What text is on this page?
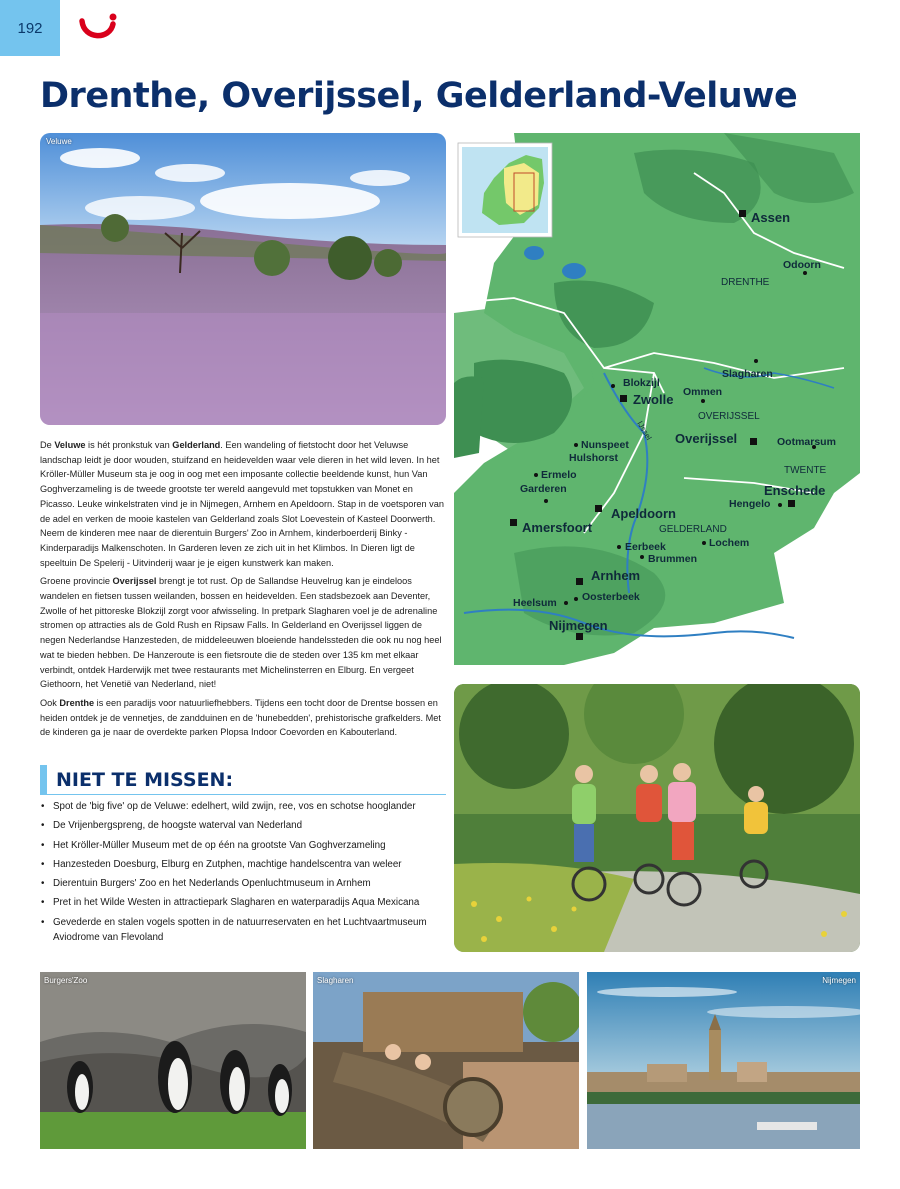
192
Drenthe, Overijssel, Gelderland-Veluwe
Veluwe
Assen
Odoorn
DRENTHE
Slagharen
Blokzijl
Ommen
Zwolle
OVERIJSSEL
IJssel
Nunspeet
Hulshorst
Overijssel	Ootmarsum
TWENTE
Ermelo
Garderen	Enschede
Hengelo
Amersfoort
Apeldoorn
GELDERLAND
Lochem
Eerbeek
Brummen
Arnhem
Heelsum Oosterbeek
Nijmegen

De Veluwe is hét pronkstuk van Gelderland. Een wandeling of fietstocht door het Veluwse landschap leidt je door wouden, stuifzand en heidevelden waar vele dieren in het wild leven. In het Kröller-Müller Museum sta je oog in oog met een imposante collectie beeldende kunst, hun Van Goghverzameling is de tweede grootste ter wereld aangevuld met topstukken van Monet en Picasso. Leuke winkelstraten vind je in Nijmegen, Arnhem en Apeldoorn. Stap in de voetsporen van de adel en verken de mooie kastelen van Gelderland zoals Slot Loevestein of Kasteel Doorwerth. Neem de kinderen mee naar de dierentuin Burgers' Zoo in Arnhem, kinderboerderij Binky - Kinderparadijs Malkenschoten. In Garderen leven ze zich uit in het Klimbos. In Dieren ligt de speeltuin De Spelerij - Uitvinderij waar je je eigen kunstwerk kan maken.

Groene provincie Overijssel brengt je tot rust. Op de Sallandse Heuvelrug kan je eindeloos wandelen en fietsen tussen weilanden, bossen en heidevelden. Een stadsbezoek aan Deventer, Zwolle of het pittoreske Blokzijl zorgt voor afwisseling. In pretpark Slagharen voel je de adrenaline stromen op attracties als de Gold Rush en Ripsaw Falls. In Gelderland en Overijssel liggen de negen Nederlandse Hanzesteden, de middeleeuwen bloeiende handelssteden die ook nu nog heel wat te bieden hebben. De Hanzeroute is een fietsroute die de steden over 135 km met elkaar verbindt, ontdek Harderwijk met twee restaurants met Michelinsterren en Elburg. En vergeet Giethoorn, het Venetië van Nederland, niet!

Ook Drenthe is een paradijs voor natuurliefhebbers. Tijdens een tocht door de Drentse bossen en heiden ontdek je de vennetjes, de zandduinen en de 'hunebedden', prehistorische grafkelders. Met de kinderen ga je naar de overdekte parken Plopsa Indoor Coevorden en Kabouterland.

NIET TE MISSEN:
• Spot de 'big five' op de Veluwe: edelhert, wild zwijn, ree, vos en schotse hooglander
• De Vrijenbergspreng, de hoogste waterval van Nederland
• Het Kröller-Müller Museum met de op één na grootste Van Goghverzameling
• Hanzesteden Doesburg, Elburg en Zutphen, machtige handelscentra van weleer
• Dierentuin Burgers' Zoo en het Nederlands Openluchtmuseum in Arnhem
• Pret in het Wilde Westen in attractiepark Slagharen en waterparadijs Aqua Mexicana
• Gevederde en stalen vogels spotten in de natuurreservaten en het Luchtvaartmuseum Aviodrome van Flevoland
Burgers'Zoo	Slagharen	Nijmegen
